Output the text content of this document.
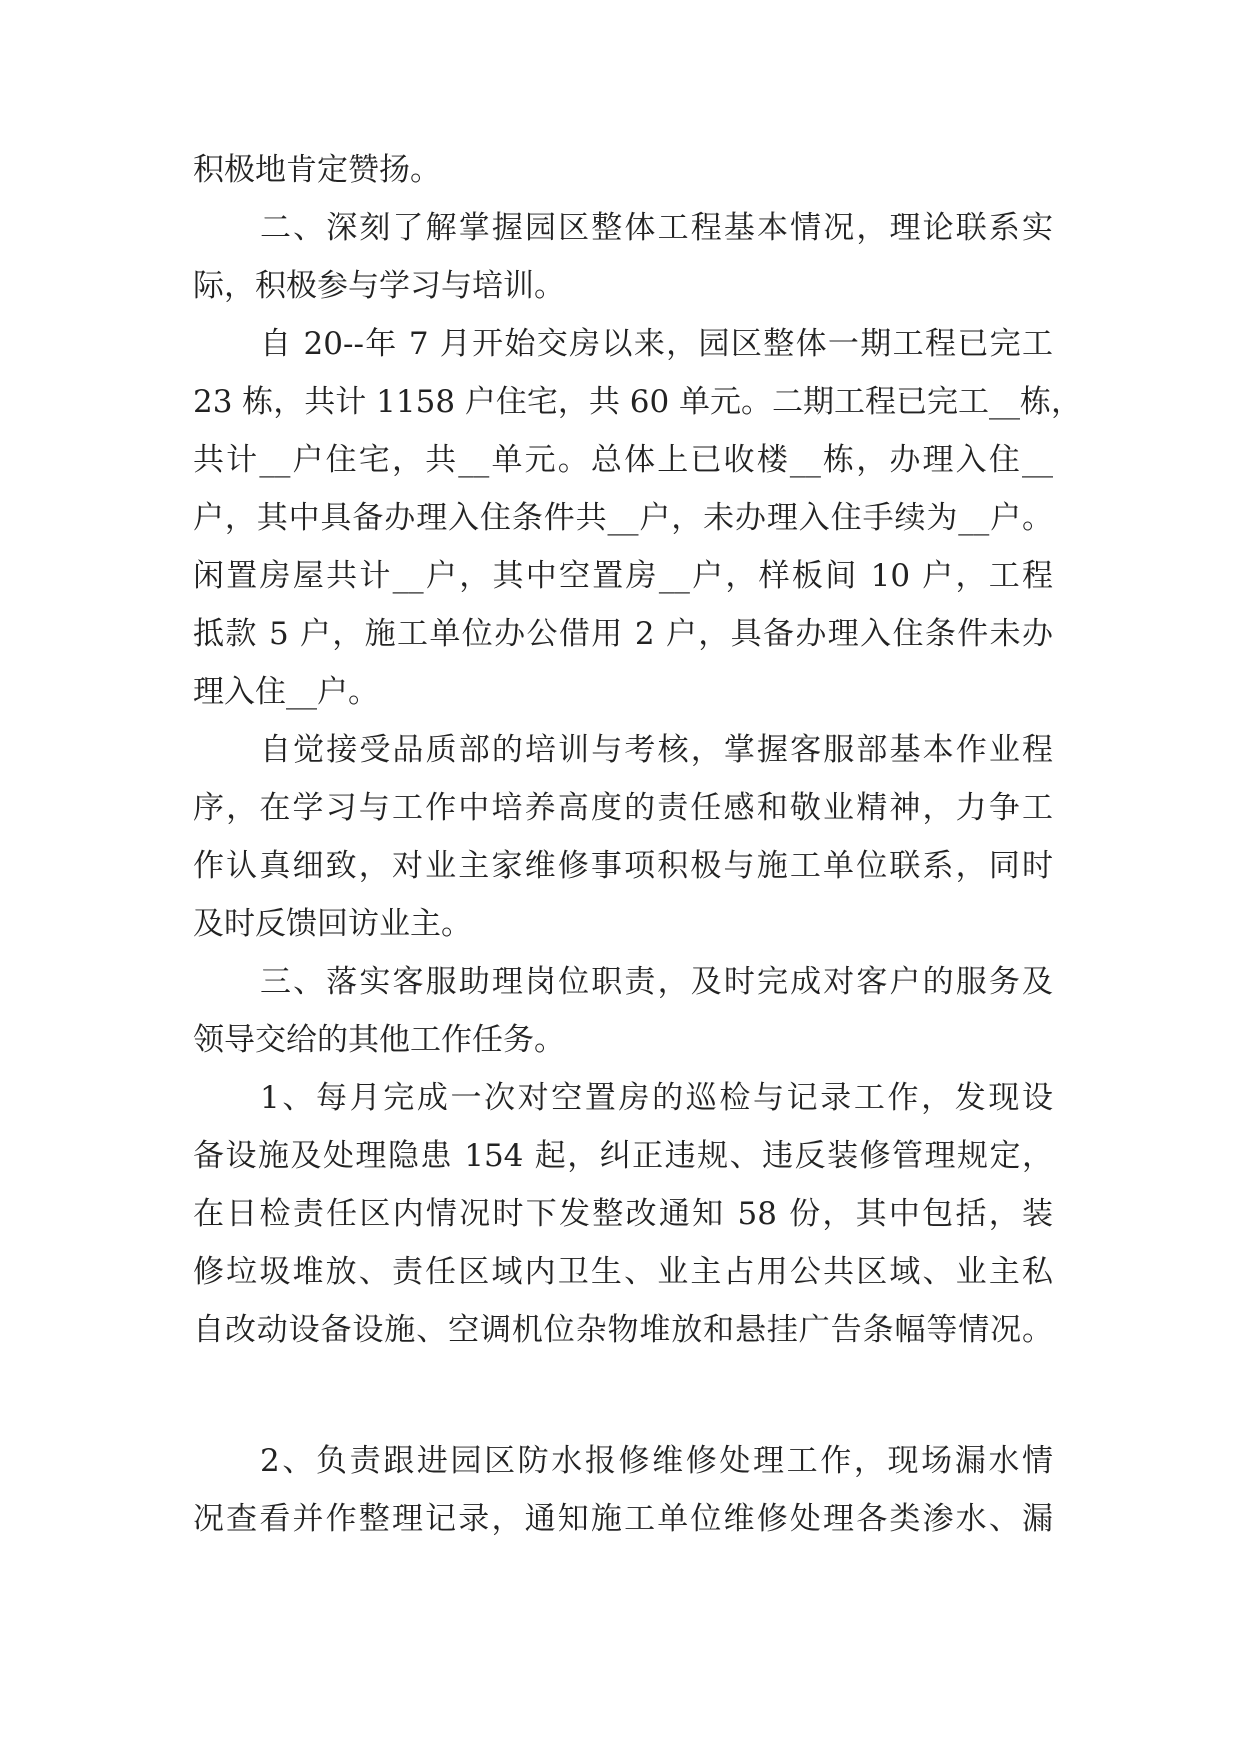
积极地肯定赞扬。
二、深刻了解掌握园区整体工程基本情况，理论联系实
际，积极参与学习与培训。
自 20--年 7 月开始交房以来，园区整体一期工程已完工
23 栋，共计 1158 户住宅，共 60 单元。二期工程已完工__栋，
共计__户住宅，共__单元。总体上已收楼__栋，办理入住__
户，其中具备办理入住条件共__户，未办理入住手续为__户。
闲置房屋共计__户，其中空置房__户，样板间 10 户，工程
抵款 5 户，施工单位办公借用 2 户，具备办理入住条件未办
理入住__户。
自觉接受品质部的培训与考核，掌握客服部基本作业程
序，在学习与工作中培养高度的责任感和敬业精神，力争工
作认真细致，对业主家维修事项积极与施工单位联系，同时
及时反馈回访业主。
三、落实客服助理岗位职责，及时完成对客户的服务及
领导交给的其他工作任务。
1、每月完成一次对空置房的巡检与记录工作，发现设
备设施及处理隐患 154 起，纠正违规、违反装修管理规定，
在日检责任区内情况时下发整改通知 58 份，其中包括，装
修垃圾堆放、责任区域内卫生、业主占用公共区域、业主私
自改动设备设施、空调机位杂物堆放和悬挂广告条幅等情况。
2、负责跟进园区防水报修维修处理工作，现场漏水情
况查看并作整理记录，通知施工单位维修处理各类渗水、漏
